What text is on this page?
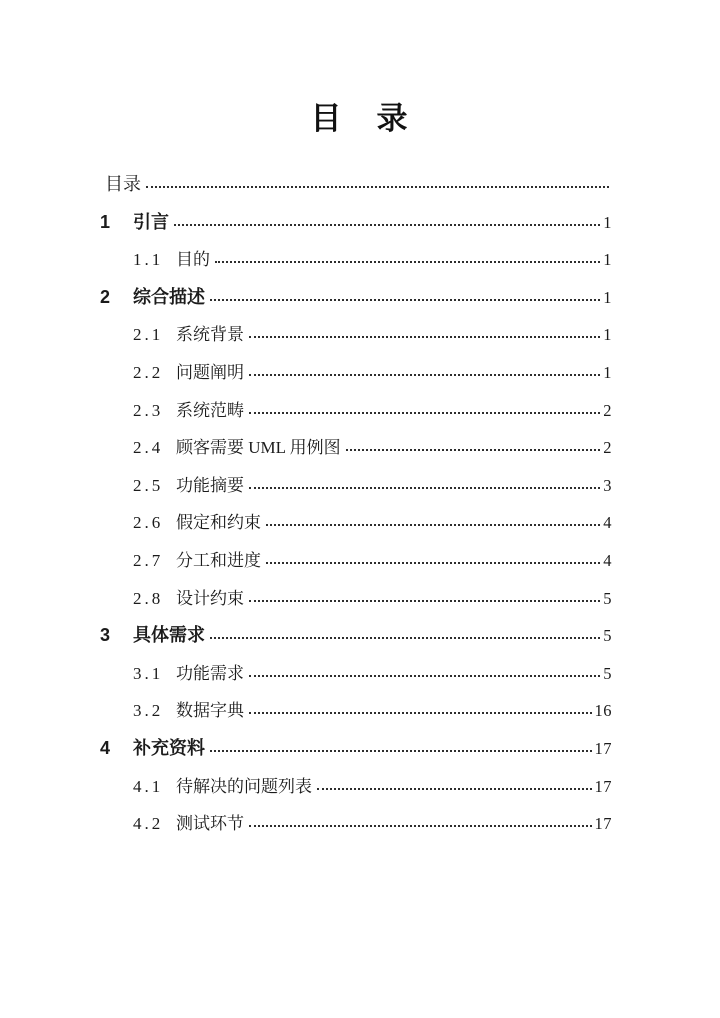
目　录
目录
1	引言	1
1.1 目的	1
2	综合描述	1
2.1 系统背景	1
2.2 问题阐明	1
2.3 系统范畴	2
2.4 顾客需要 UML 用例图	2
2.5 功能摘要	3
2.6 假定和约束	4
2.7 分工和进度	4
2.8 设计约束	5
3	具体需求	5
3.1 功能需求	5
3.2 数据字典	16
4	补充资料	17
4.1 待解决的问题列表	17
4.2 测试环节	17
